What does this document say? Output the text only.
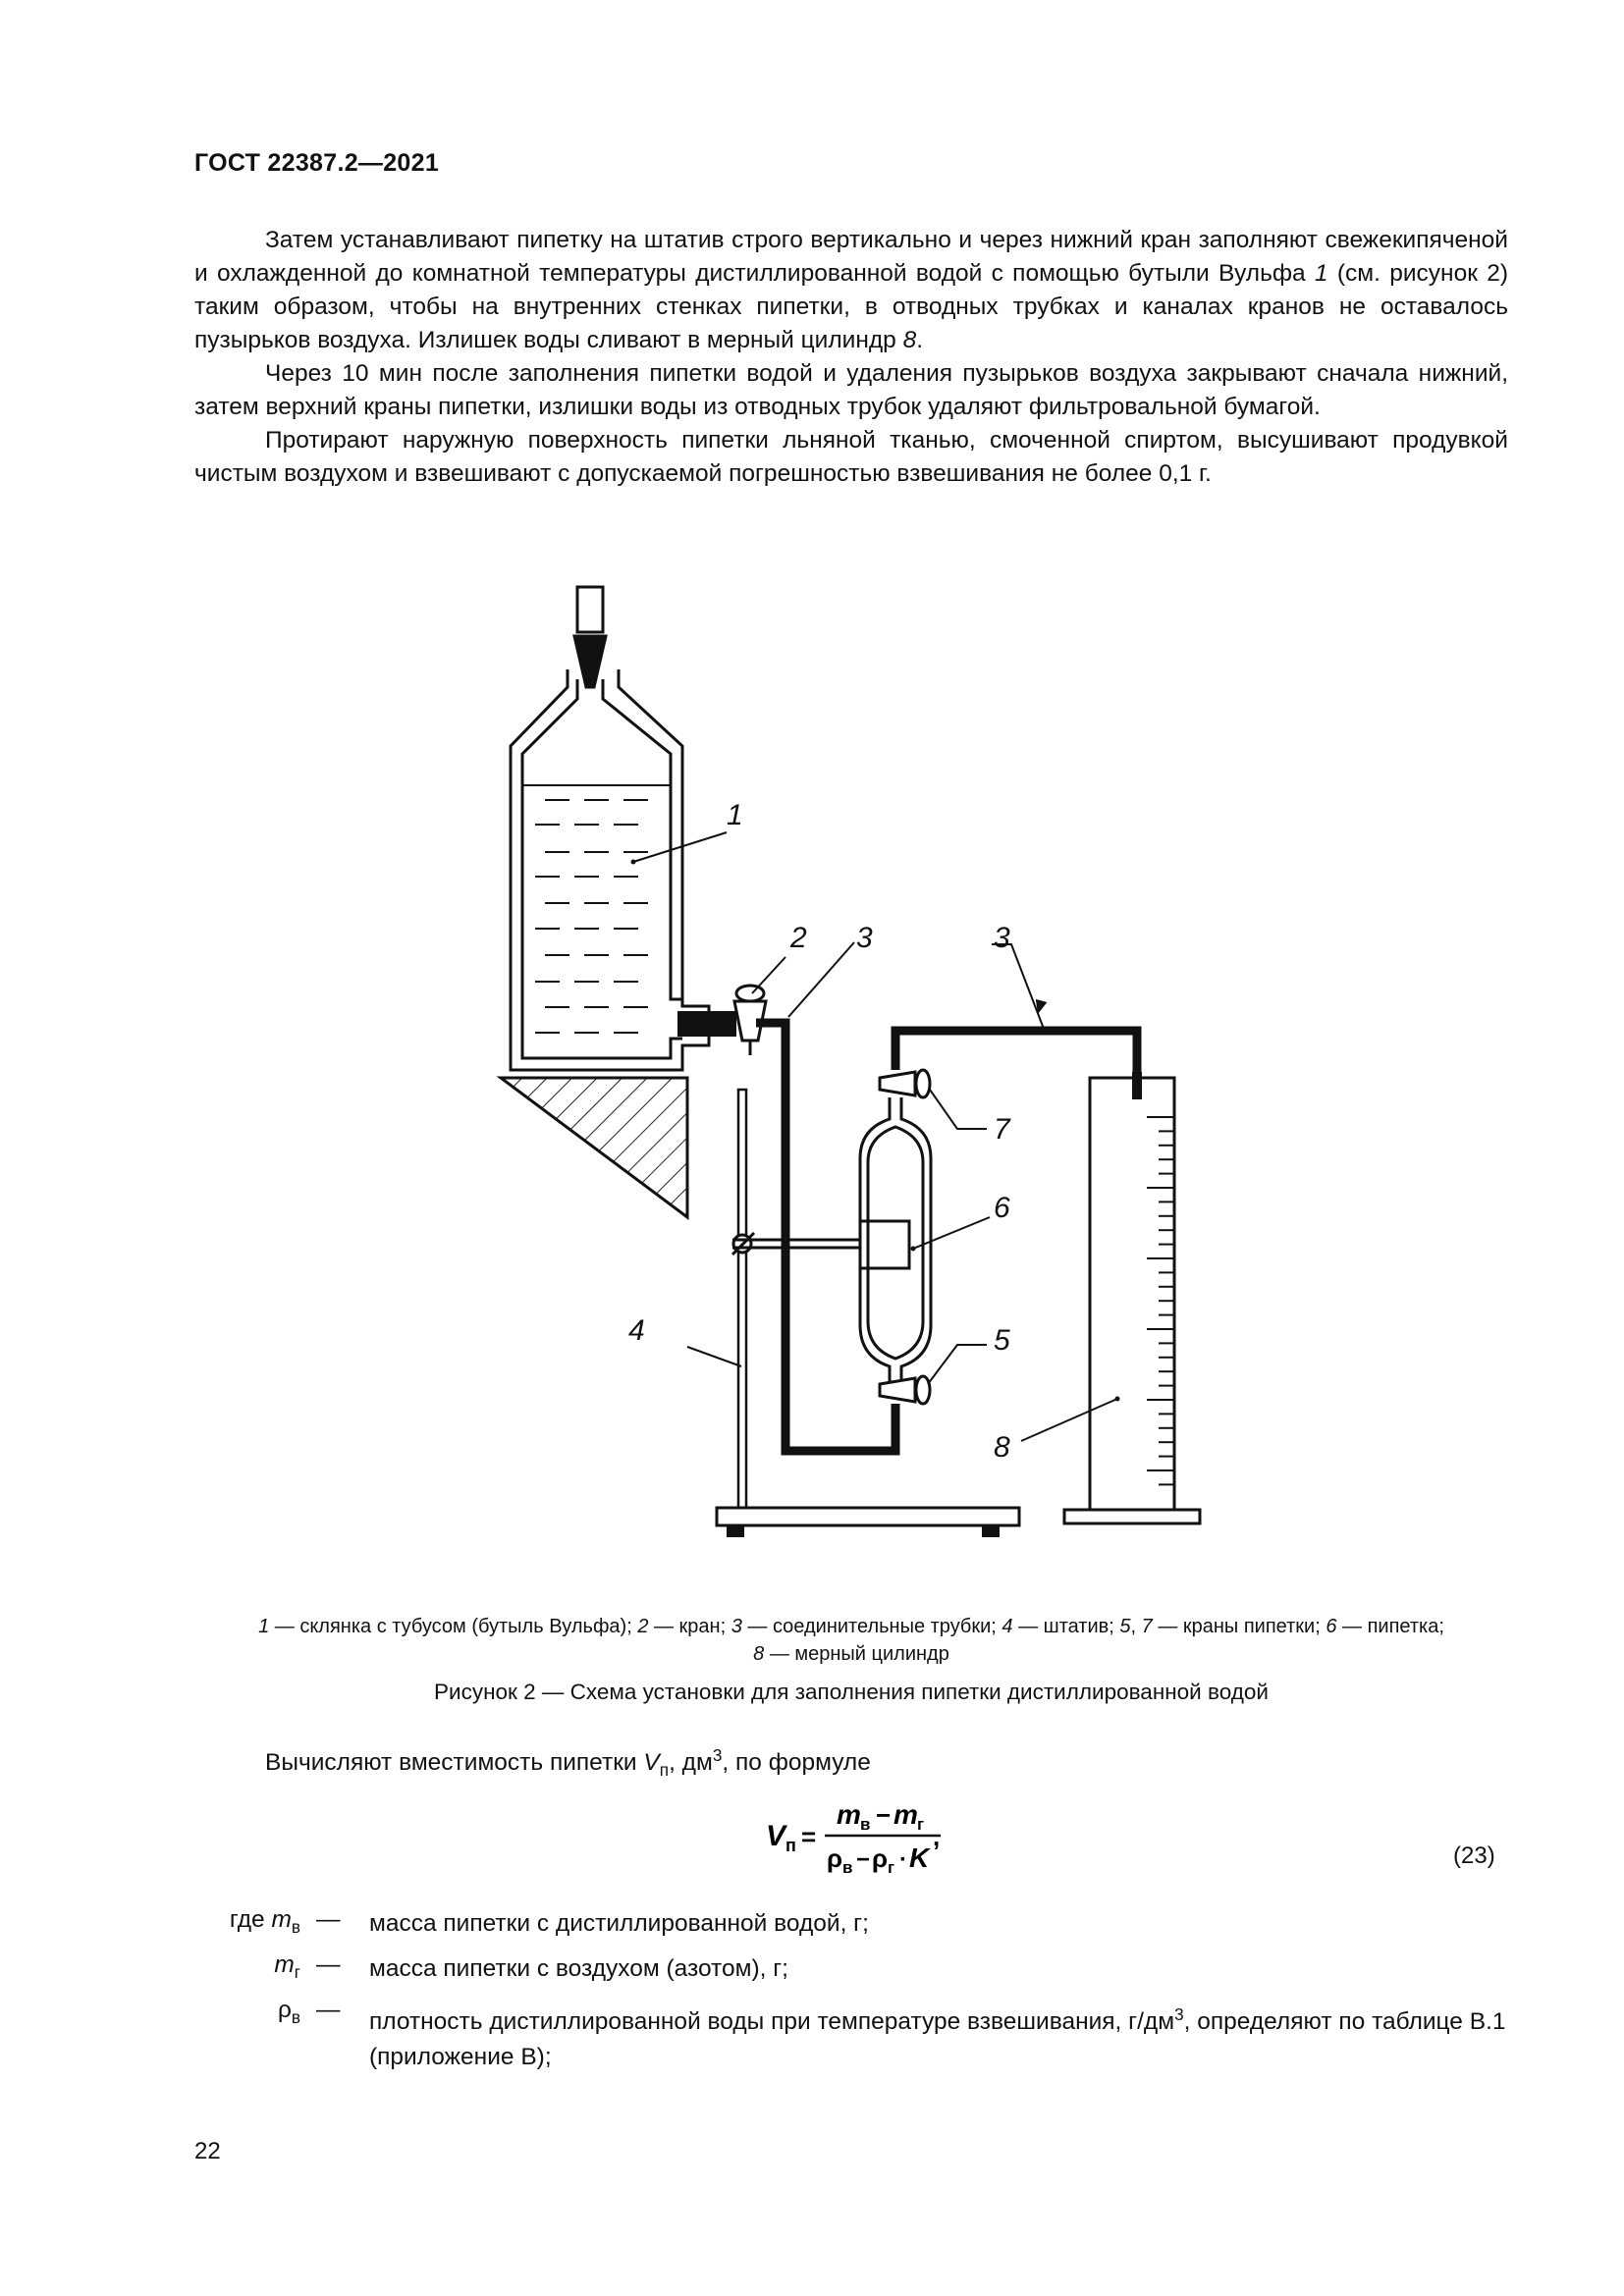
ГОСТ 22387.2—2021

Затем устанавливают пипетку на штатив строго вертикально и через нижний кран заполняют свежекипяченой и охлажденной до комнатной температуры дистиллированной водой с помощью бутыли Вульфа 1 (см. рисунок 2) таким образом, чтобы на внутренних стенках пипетки, в отводных трубках и каналах кранов не оставалось пузырьков воздуха. Излишек воды сливают в мерный цилиндр 8.

Через 10 мин после заполнения пипетки водой и удаления пузырьков воздуха закрывают сначала нижний, затем верхний краны пипетки, излишки воды из отводных трубок удаляют фильтровальной бумагой.

Протирают наружную поверхность пипетки льняной тканью, смоченной спиртом, высушивают продувкой чистым воздухом и взвешивают с допускаемой погрешностью взвешивания не более 0,1 г.

1
2 3	3
4	5
6
7
8
1 — склянка с тубусом (бутыль Вульфа); 2 — кран; 3 — соединительные трубки; 4 — штатив; 5, 7 — краны пипетки; 6 — пипетка;
8 — мерный цилиндр
Рисунок 2 — Схема установки для заполнения пипетки дистиллированной водой
Вычисляют вместимость пипетки $V_п$, $дм^3$, по формуле
V п =
m в − m г
ρ в − ρ г · K
,
(23)
где $m_в$ — масса пипетки с дистиллированной водой, г;
$m_г$ — масса пипетки с воздухом (азотом), г;
$\rho_в$ — плотность дистиллированной воды при температуре взвешивания, $г/дм^3$, определяют по таблице В.1 (приложение В);
22
